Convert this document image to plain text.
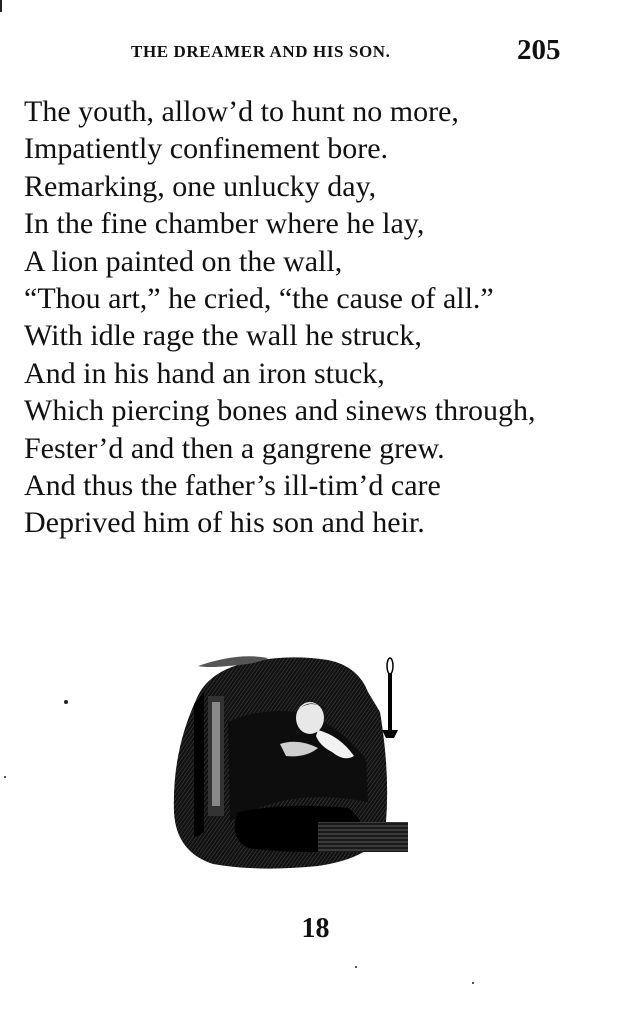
THE DREAMER AND HIS SON.	205
The youth, allow’d to hunt no more,
Impatiently confinement bore.
Remarking, one unlucky day,
In the fine chamber where he lay,
A lion painted on the wall,
“Thou art,” he cried, “the cause of all.”
With idle rage the wall he struck,
And in his hand an iron stuck,
Which piercing bones and sinews through,
Fester’d and then a gangrene grew.
And thus the father’s ill-tim’d care
Deprived him of his son and heir.
18
